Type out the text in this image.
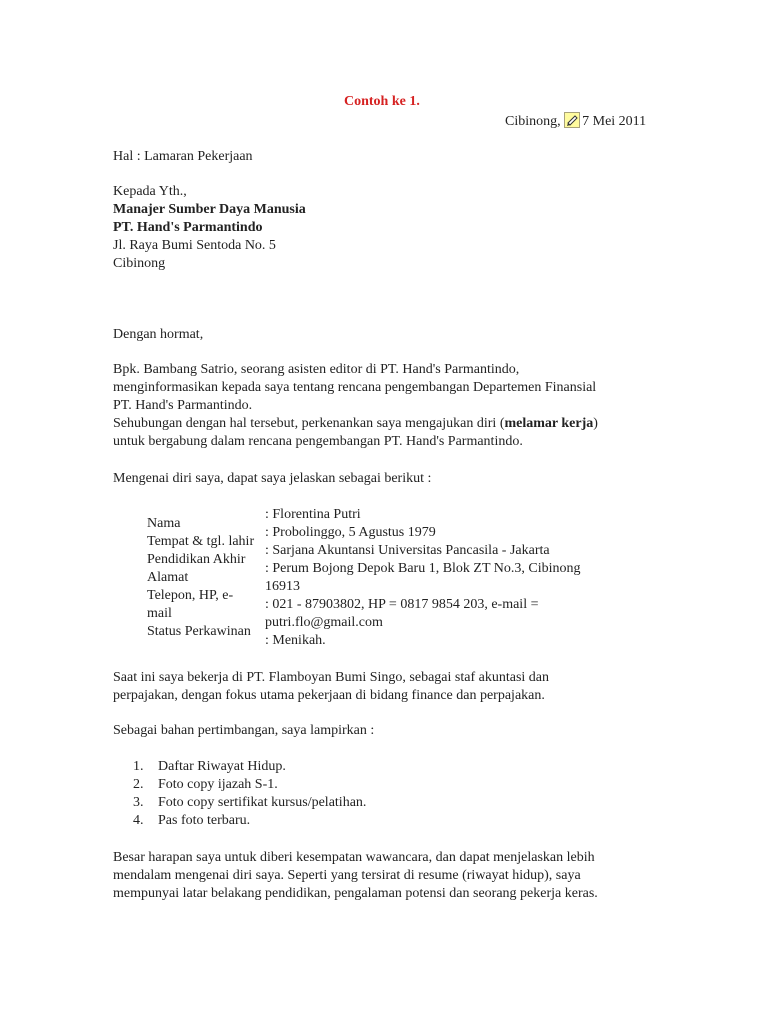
Contoh ke 1.
Cibinong, 7 Mei 2011
Hal : Lamaran Pekerjaan
Kepada Yth.,
Manajer Sumber Daya Manusia
PT. Hand's Parmantindo
Jl. Raya Bumi Sentoda No. 5
Cibinong
Dengan hormat,
Bpk. Bambang Satrio, seorang asisten editor di PT. Hand's Parmantindo,
menginformasikan kepada saya tentang rencana pengembangan Departemen Finansial
PT. Hand's Parmantindo.
Sehubungan dengan hal tersebut, perkenankan saya mengajukan diri (melamar kerja)
untuk bergabung dalam rencana pengembangan PT. Hand's Parmantindo.
Mengenai diri saya, dapat saya jelaskan sebagai berikut :
Nama
Tempat & tgl. lahir
Pendidikan Akhir
Alamat
Telepon, HP, e-
mail
Status Perkawinan
: Florentina Putri
: Probolinggo, 5 Agustus 1979
: Sarjana Akuntansi Universitas Pancasila - Jakarta
: Perum Bojong Depok Baru 1, Blok ZT No.3, Cibinong
16913
: 021 - 87903802, HP = 0817 9854 203, e-mail =
putri.flo@gmail.com
: Menikah.
Saat ini saya bekerja di PT. Flamboyan Bumi Singo, sebagai staf akuntasi dan
perpajakan, dengan fokus utama pekerjaan di bidang finance dan perpajakan.
Sebagai bahan pertimbangan, saya lampirkan :
1. Daftar Riwayat Hidup.
2. Foto copy ijazah S-1.
3. Foto copy sertifikat kursus/pelatihan.
4. Pas foto terbaru.
Besar harapan saya untuk diberi kesempatan wawancara, dan dapat menjelaskan lebih
mendalam mengenai diri saya. Seperti yang tersirat di resume (riwayat hidup), saya
mempunyai latar belakang pendidikan, pengalaman potensi dan seorang pekerja keras.
